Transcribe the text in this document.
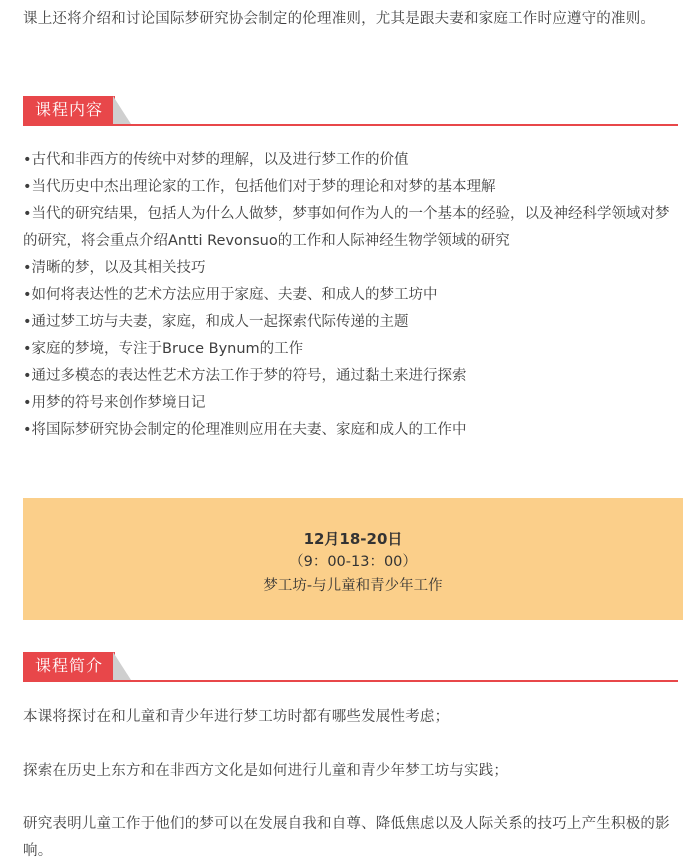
课上还将介绍和讨论国际梦研究协会制定的伦理准则，尤其是跟夫妻和家庭工作时应遵守的准则。

课程内容
•古代和非西方的传统中对梦的理解，以及进行梦工作的价值
•当代历史中杰出理论家的工作，包括他们对于梦的理论和对梦的基本理解
•当代的研究结果，包括人为什么人做梦，梦事如何作为人的一个基本的经验，以及神经科学领域对梦的研究，将会重点介绍Antti Revonsuo的工作和人际神经生物学领域的研究
•清晰的梦，以及其相关技巧
•如何将表达性的艺术方法应用于家庭、夫妻、和成人的梦工坊中
•通过梦工坊与夫妻，家庭，和成人一起探索代际传递的主题
•家庭的梦境，专注于Bruce Bynum的工作
•通过多模态的表达性艺术方法工作于梦的符号，通过黏土来进行探索
•用梦的符号来创作梦境日记
•将国际梦研究协会制定的伦理准则应用在夫妻、家庭和成人的工作中
12月18-20日
（9：00-13：00）
梦工坊-与儿童和青少年工作
课程简介

本课将探讨在和儿童和青少年进行梦工坊时都有哪些发展性考虑；

探索在历史上东方和在非西方文化是如何进行儿童和青少年梦工坊与实践；

研究表明儿童工作于他们的梦可以在发展自我和自尊、降低焦虑以及人际关系的技巧上产生积极的影响。
